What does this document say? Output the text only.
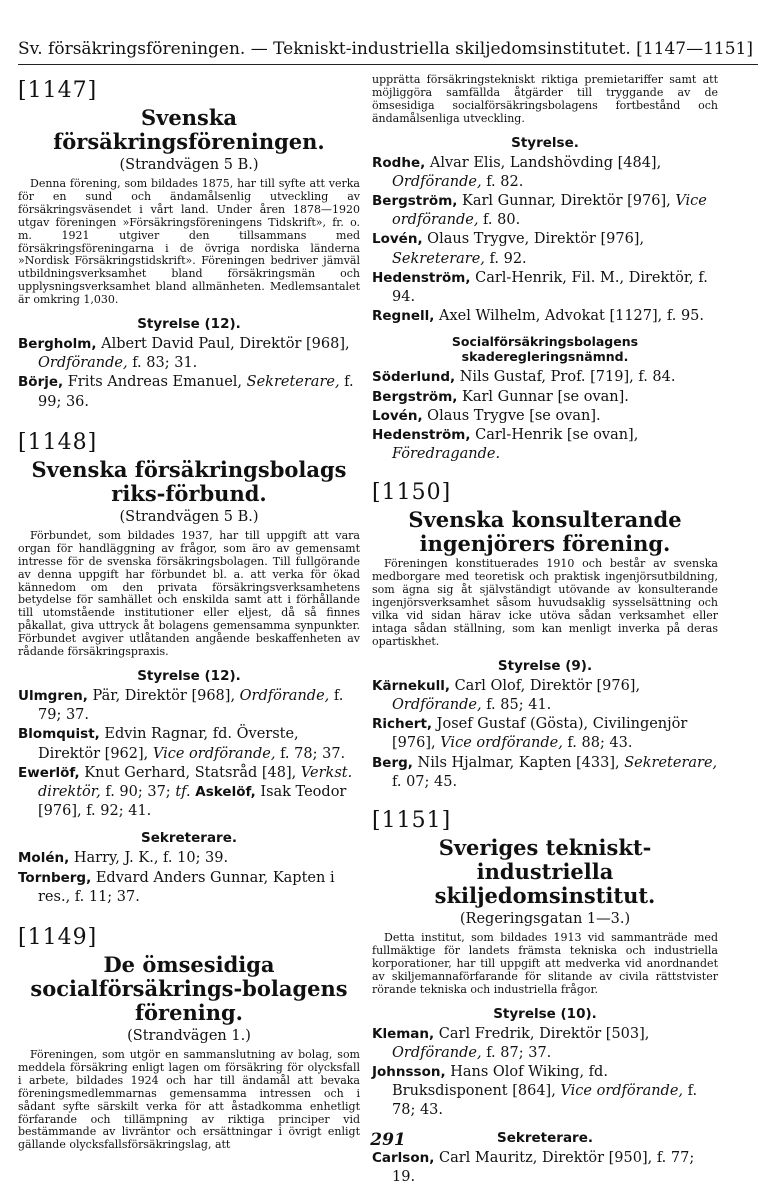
Sv. försäkringsföreningen. — Tekniskt-industriella skiljedomsinstitutet. [1147—1151]
[1147]
Svenska försäkringsföreningen.
(Strandvägen 5 B.)

Denna förening, som bildades 1875, har till syfte att verka för en sund och ändamålsenlig utveckling av försäkringsväsendet i vårt land. Under åren 1878—1920 utgav föreningen »Försäkringsföreningens Tidskrift», fr. o. m. 1921 utgiver den tillsammans med försäkringsföreningarna i de övriga nordiska länderna »Nordisk Försäkringstidskrift». Föreningen bedriver jämväl utbildningsverksamhet bland försäkringsmän och upplysningsverksamhet bland allmänheten. Medlemsantalet är omkring 1,030.

Styrelse (12).

Bergholm, Albert David Paul, Direktör [968], Ordförande, f. 83; 31.

Börje, Frits Andreas Emanuel, Sekreterare, f. 99; 36.

[1148]
Svenska försäkringsbolags riks-förbund.
(Strandvägen 5 B.)

Förbundet, som bildades 1937, har till uppgift att vara organ för handläggning av frågor, som äro av gemensamt intresse för de svenska försäkringsbolagen. Till fullgörande av denna uppgift har förbundet bl. a. att verka för ökad kännedom om den privata försäkringsverksamhetens betydelse för samhället och enskilda samt att i förhållande till utomstående institutioner eller eljest, då så finnes påkallat, giva uttryck åt bolagens gemensamma synpunkter. Förbundet avgiver utlåtanden angående beskaffenheten av rådande försäkringspraxis.

Styrelse (12).

Ulmgren, Pär, Direktör [968], Ordförande, f. 79; 37.

Blomquist, Edvin Ragnar, fd. Överste, Direktör [962], Vice ordförande, f. 78; 37.

Ewerlöf, Knut Gerhard, Statsråd [48], Verkst. direktör, f. 90; 37; tf. Askelöf, Isak Teodor [976], f. 92; 41.

Sekreterare.

Molén, Harry, J. K., f. 10; 39.

Tornberg, Edvard Anders Gunnar, Kapten i res., f. 11; 37.

[1149]
De ömsesidiga socialförsäkrings-bolagens förening.
(Strandvägen 1.)

Föreningen, som utgör en sammanslutning av bolag, som meddela försäkring enligt lagen om försäkring för olycksfall i arbete, bildades 1924 och har till ändamål att bevaka föreningsmedlemmarnas gemensamma intressen och i sådant syfte särskilt verka för att åstadkomma enhetligt förfarande och tillämpning av riktiga principer vid bestämmande av livräntor och ersättningar i övrigt enligt gällande olycksfallsförsäkringslag, att

upprätta försäkringstekniskt riktiga premietariffer samt att möjliggöra samfällda åtgärder till tryggande av de ömsesidiga socialförsäkringsbolagens fortbestånd och ändamålsenliga utveckling.

Styrelse.

Rodhe, Alvar Elis, Landshövding [484], Ordförande, f. 82.

Bergström, Karl Gunnar, Direktör [976], Vice ordförande, f. 80.

Lovén, Olaus Trygve, Direktör [976], Sekreterare, f. 92.

Hedenström, Carl-Henrik, Fil. M., Direktör, f. 94.

Regnell, Axel Wilhelm, Advokat [1127], f. 95.

Socialförsäkringsbolagens skaderegleringsnämnd.

Söderlund, Nils Gustaf, Prof. [719], f. 84.

Bergström, Karl Gunnar [se ovan].

Lovén, Olaus Trygve [se ovan].

Hedenström, Carl-Henrik [se ovan], Föredragande.

[1150]
Svenska konsulterande ingenjörers förening.

Föreningen konstituerades 1910 och består av svenska medborgare med teoretisk och praktisk ingenjörsutbildning, som ägna sig åt självständigt utövande av konsulterande ingenjörsverksamhet såsom huvudsaklig sysselsättning och vilka vid sidan härav icke utöva sådan verksamhet eller intaga sådan ställning, som kan menligt inverka på deras opartiskhet.

Styrelse (9).

Kärnekull, Carl Olof, Direktör [976], Ordförande, f. 85; 41.

Richert, Josef Gustaf (Gösta), Civilingenjör [976], Vice ordförande, f. 88; 43.

Berg, Nils Hjalmar, Kapten [433], Sekreterare, f. 07; 45.

[1151]
Sveriges tekniskt-industriella skiljedomsinstitut.
(Regeringsgatan 1—3.)

Detta institut, som bildades 1913 vid sammanträde med fullmäktige för landets främsta tekniska och industriella korporationer, har till uppgift att medverka vid anordnandet av skiljemannaförfarande för slitande av civila rättstvister rörande tekniska och industriella frågor.

Styrelse (10).

Kleman, Carl Fredrik, Direktör [503], Ordförande, f. 87; 37.

Johnsson, Hans Olof Wiking, fd. Bruksdisponent [864], Vice ordförande, f. 78; 43.

Sekreterare.

Carlson, Carl Mauritz, Direktör [950], f. 77; 19.

291
